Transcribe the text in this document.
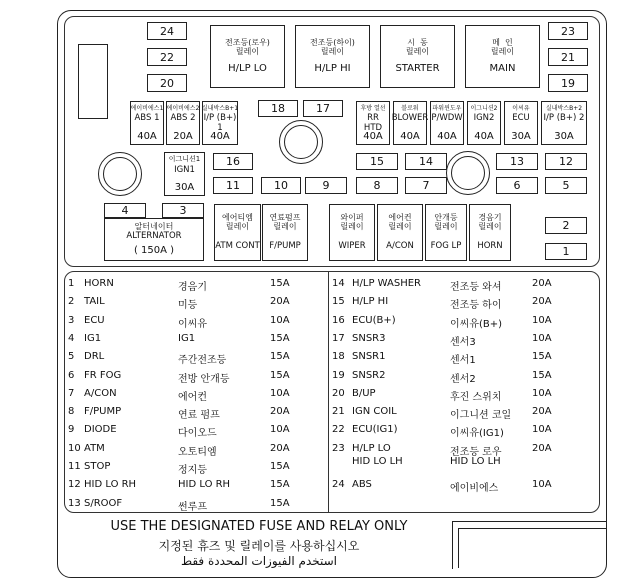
24
22
20
전조등(로우)
릴레이
H/LP LO
전조등(하이)
릴레이
H/LP HI
시  동
릴레이
STARTER
메  인
릴레이
MAIN
23
21
19
에이비에스1
ABS 1
40A
에이비에스2
ABS 2
20A
실내박스B+1
I/P (B+) 1
40A
18	17	후방 열선
RR HTD
40A
블로워
BLOWER
40A
파워윈도우
P/WDW
40A
이그니션2
IGN2
40A
이씨유
ECU
30A
실내박스B+2
I/P (B+) 2
30A
이그니션1
IGN1
30A
16	15	14	13	12
11	10	9	8	7	6	5
4	3
알터네이터
ALTERNATOR
( 150A )
에어티엠
릴레이
ATM CONT
연료펌프
릴레이
F/PUMP
와이퍼
릴레이
WIPER
에어컨
릴레이
A/CON
안개등
릴레이
FOG LP
경음기
릴레이
HORN
2
1
1 HORN	경음기	15A
2 TAIL	미등	20A
3 ECU	이씨유	10A
4 IG1	IG1	15A
5 DRL	주간전조등	15A
6 FR FOG	전방 안개등	15A
7 A/CON	에어컨	10A
8 F/PUMP	연료 펌프	20A
9 DIODE	다이오드	10A
10 ATM	오토티엠	20A
11 STOP	정지등	15A
12 HID LO RH	HID LO RH	15A
13 S/ROOF	썬루프	15A
14 H/LP WASHER	전조등 와셔	20A
15 H/LP HI	전조등 하이	20A
16 ECU(B+)	이씨유(B+)	10A
17 SNSR3	센서3	10A
18 SNSR1	센서1	15A
19 SNSR2	센서2	15A
20 B/UP	후진 스위치	10A
21 IGN COIL	이그니션 코일 20A
22 ECU(IG1)	이씨유(IG1)	10A
23 H/LP LO	전조등 로우	20A
HID LO LH	HID LO LH
24 ABS	에이비에스	10A
USE THE DESIGNATED FUSE AND RELAY ONLY
지정된 휴즈 및 릴레이를 사용하십시오
استخدم الفيوزات المحددة فقط
